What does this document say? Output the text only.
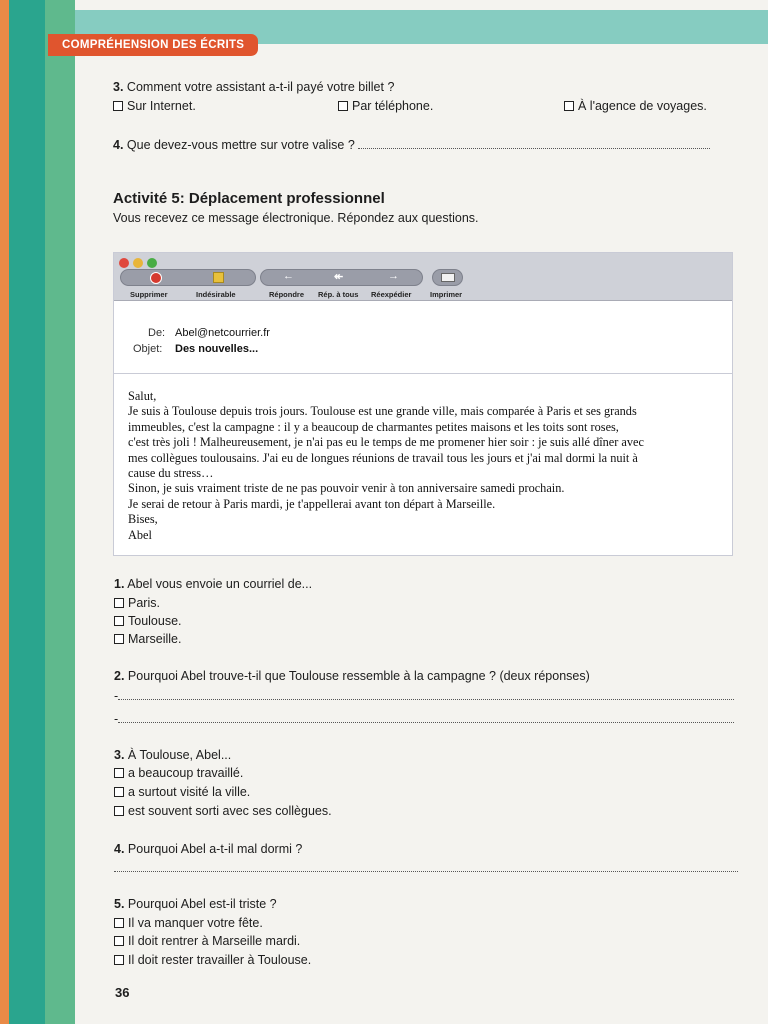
COMPRÉHENSION DES ÉCRITS
3. Comment votre assistant a-t-il payé votre billet ?
Sur Internet.	Par téléphone.	À l'agence de voyages.
4. Que devez-vous mettre sur votre valise ?
Activité 5: Déplacement professionnel
Vous recevez ce message électronique. Répondez aux questions.
←	↞	→
Supprimer	Indésirable	Répondre Rép. à tous Réexpédier Imprimer
De: Abel@netcourrier.fr
Objet: Des nouvelles...
Salut,
Je suis à Toulouse depuis trois jours. Toulouse est une grande ville, mais comparée à Paris et ses grands
immeubles, c'est la campagne : il y a beaucoup de charmantes petites maisons et les toits sont roses,
c'est très joli ! Malheureusement, je n'ai pas eu le temps de me promener hier soir : je suis allé dîner avec
mes collègues toulousains. J'ai eu de longues réunions de travail tous les jours et j'ai mal dormi la nuit à
cause du stress…
Sinon, je suis vraiment triste de ne pas pouvoir venir à ton anniversaire samedi prochain.
Je serai de retour à Paris mardi, je t'appellerai avant ton départ à Marseille.
Bises,
Abel
1. Abel vous envoie un courriel de...
Paris.
Toulouse.
Marseille.
2. Pourquoi Abel trouve-t-il que Toulouse ressemble à la campagne ? (deux réponses)
-
-
3. À Toulouse, Abel...
a beaucoup travaillé.
a surtout visité la ville.
est souvent sorti avec ses collègues.
4. Pourquoi Abel a-t-il mal dormi ?
5. Pourquoi Abel est-il triste ?
Il va manquer votre fête.
Il doit rentrer à Marseille mardi.
Il doit rester travailler à Toulouse.
36
